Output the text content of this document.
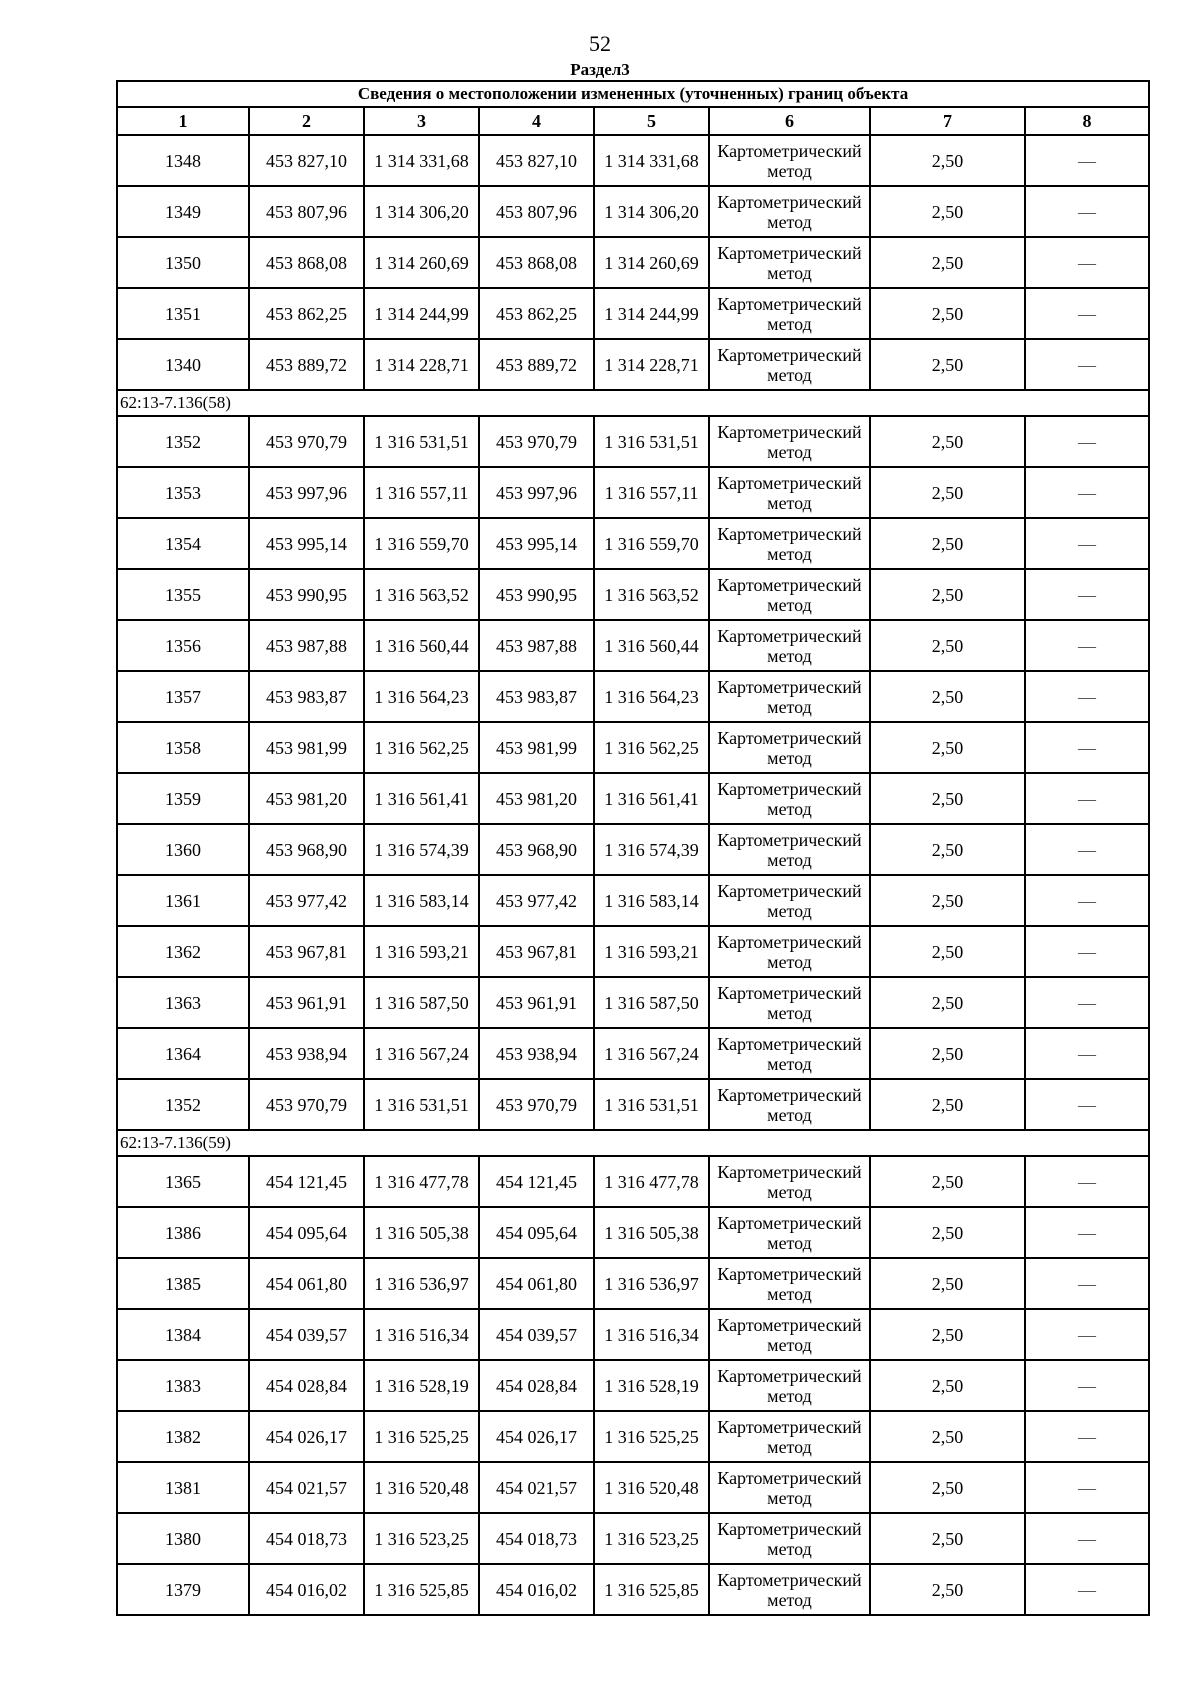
52
Раздел3
Сведения о местоположении измененных (уточненных) границ объекта							
1	2	3	4	5	6	7	8
1348	453 827,10	1 314 331,68	453 827,10	1 314 331,68	Картометрический метод	2,50	—
1349	453 807,96	1 314 306,20	453 807,96	1 314 306,20	Картометрический метод	2,50	—
1350	453 868,08	1 314 260,69	453 868,08	1 314 260,69	Картометрический метод	2,50	—
1351	453 862,25	1 314 244,99	453 862,25	1 314 244,99	Картометрический метод	2,50	—
1340	453 889,72	1 314 228,71	453 889,72	1 314 228,71	Картометрический метод	2,50	—
62:13-7.136(58)							
1352	453 970,79	1 316 531,51	453 970,79	1 316 531,51	Картометрический метод	2,50	—
1353	453 997,96	1 316 557,11	453 997,96	1 316 557,11	Картометрический метод	2,50	—
1354	453 995,14	1 316 559,70	453 995,14	1 316 559,70	Картометрический метод	2,50	—
1355	453 990,95	1 316 563,52	453 990,95	1 316 563,52	Картометрический метод	2,50	—
1356	453 987,88	1 316 560,44	453 987,88	1 316 560,44	Картометрический метод	2,50	—
1357	453 983,87	1 316 564,23	453 983,87	1 316 564,23	Картометрический метод	2,50	—
1358	453 981,99	1 316 562,25	453 981,99	1 316 562,25	Картометрический метод	2,50	—
1359	453 981,20	1 316 561,41	453 981,20	1 316 561,41	Картометрический метод	2,50	—
1360	453 968,90	1 316 574,39	453 968,90	1 316 574,39	Картометрический метод	2,50	—
1361	453 977,42	1 316 583,14	453 977,42	1 316 583,14	Картометрический метод	2,50	—
1362	453 967,81	1 316 593,21	453 967,81	1 316 593,21	Картометрический метод	2,50	—
1363	453 961,91	1 316 587,50	453 961,91	1 316 587,50	Картометрический метод	2,50	—
1364	453 938,94	1 316 567,24	453 938,94	1 316 567,24	Картометрический метод	2,50	—
1352	453 970,79	1 316 531,51	453 970,79	1 316 531,51	Картометрический метод	2,50	—
62:13-7.136(59)							
1365	454 121,45	1 316 477,78	454 121,45	1 316 477,78	Картометрический метод	2,50	—
1386	454 095,64	1 316 505,38	454 095,64	1 316 505,38	Картометрический метод	2,50	—
1385	454 061,80	1 316 536,97	454 061,80	1 316 536,97	Картометрический метод	2,50	—
1384	454 039,57	1 316 516,34	454 039,57	1 316 516,34	Картометрический метод	2,50	—
1383	454 028,84	1 316 528,19	454 028,84	1 316 528,19	Картометрический метод	2,50	—
1382	454 026,17	1 316 525,25	454 026,17	1 316 525,25	Картометрический метод	2,50	—
1381	454 021,57	1 316 520,48	454 021,57	1 316 520,48	Картометрический метод	2,50	—
1380	454 018,73	1 316 523,25	454 018,73	1 316 523,25	Картометрический метод	2,50	—
1379	454 016,02	1 316 525,85	454 016,02	1 316 525,85	Картометрический метод	2,50	—
